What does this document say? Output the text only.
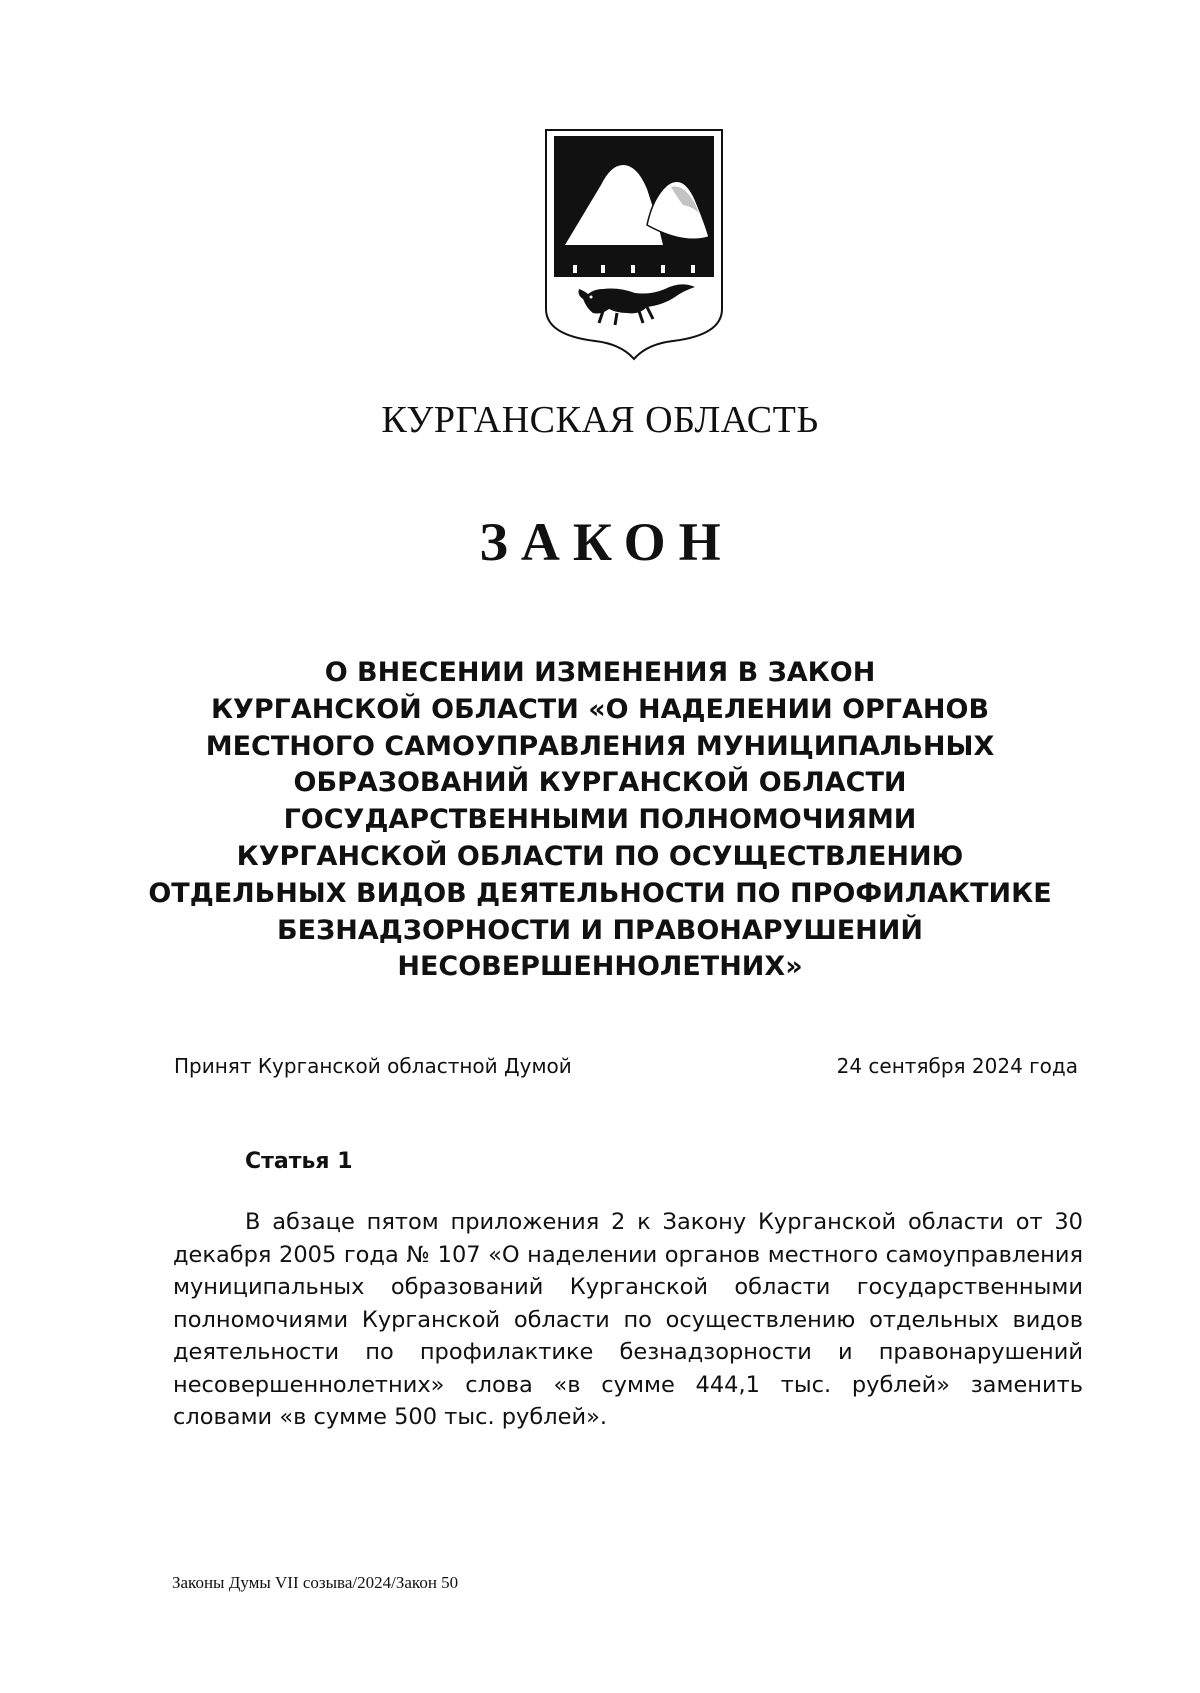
КУРГАНСКАЯ ОБЛАСТЬ
ЗАКОН
О ВНЕСЕНИИ ИЗМЕНЕНИЯ В ЗАКОН
КУРГАНСКОЙ ОБЛАСТИ «О НАДЕЛЕНИИ ОРГАНОВ
МЕСТНОГО САМОУПРАВЛЕНИЯ МУНИЦИПАЛЬНЫХ
ОБРАЗОВАНИЙ КУРГАНСКОЙ ОБЛАСТИ
ГОСУДАРСТВЕННЫМИ ПОЛНОМОЧИЯМИ
КУРГАНСКОЙ ОБЛАСТИ ПО ОСУЩЕСТВЛЕНИЮ
ОТДЕЛЬНЫХ ВИДОВ ДЕЯТЕЛЬНОСТИ ПО ПРОФИЛАКТИКЕ
БЕЗНАДЗОРНОСТИ И ПРАВОНАРУШЕНИЙ
НЕСОВЕРШЕННОЛЕТНИХ»
Принят Курганской областной Думой	24 сентября 2024 года
Статья 1

В абзаце пятом приложения 2 к Закону Курганской области от 30 декабря 2005 года № 107 «О наделении органов местного самоуправления муниципальных образований Курганской области государственными полномочиями Курганской области по осуществлению отдельных видов деятельности по профилактике безнадзорности и правонарушений несовершеннолетних» слова «в сумме 444,1 тыс. рублей» заменить словами «в сумме 500 тыс. рублей».

Законы Думы VII созыва/2024/Закон 50
